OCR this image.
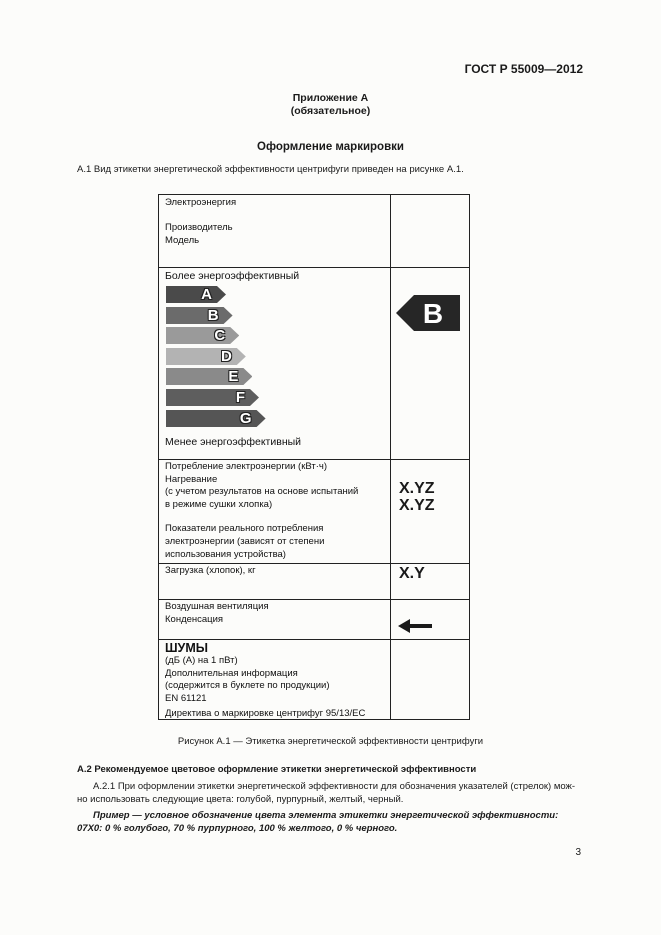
ГОСТ Р 55009—2012
Приложение А
(обязательное)
Оформление маркировки
А.1 Вид этикетки энергетической эффективности центрифуги приведен на рисунке А.1.
Электроэнергия
Производитель
Модель
Более энергоэффективный
A
B
C
D
E
F
G
Менее энергоэффективный
B
Потребление электроэнергии (кВт·ч)
Нагревание
(с учетом результатов на основе испытаний
в режиме сушки хлопка)
Показатели реального потребления
электроэнергии (зависят от степени
использования устройства)
X.YZ
X.YZ
Загрузка (хлопок), кг	X.Y
Воздушная вентиляция
Конденсация
ШУМЫ
(дБ (А) на 1 пВт)
Дополнительная информация
(содержится в буклете по продукции)
EN 61121
Директива о маркировке центрифуг 95/13/ЕС
Рисунок А.1 — Этикетка энергетической эффективности центрифуги
А.2 Рекомендуемое цветовое оформление этикетки энергетической эффективности
А.2.1 При оформлении этикетки энергетической эффективности для обозначения указателей (стрелок) мож- но использовать следующие цвета: голубой, пурпурный, желтый, черный.
Пример — условное обозначение цвета элемента этикетки энергетической эффективности: 07X0: 0 % голубого, 70 % пурпурного, 100 % желтого, 0 % черного.
3
